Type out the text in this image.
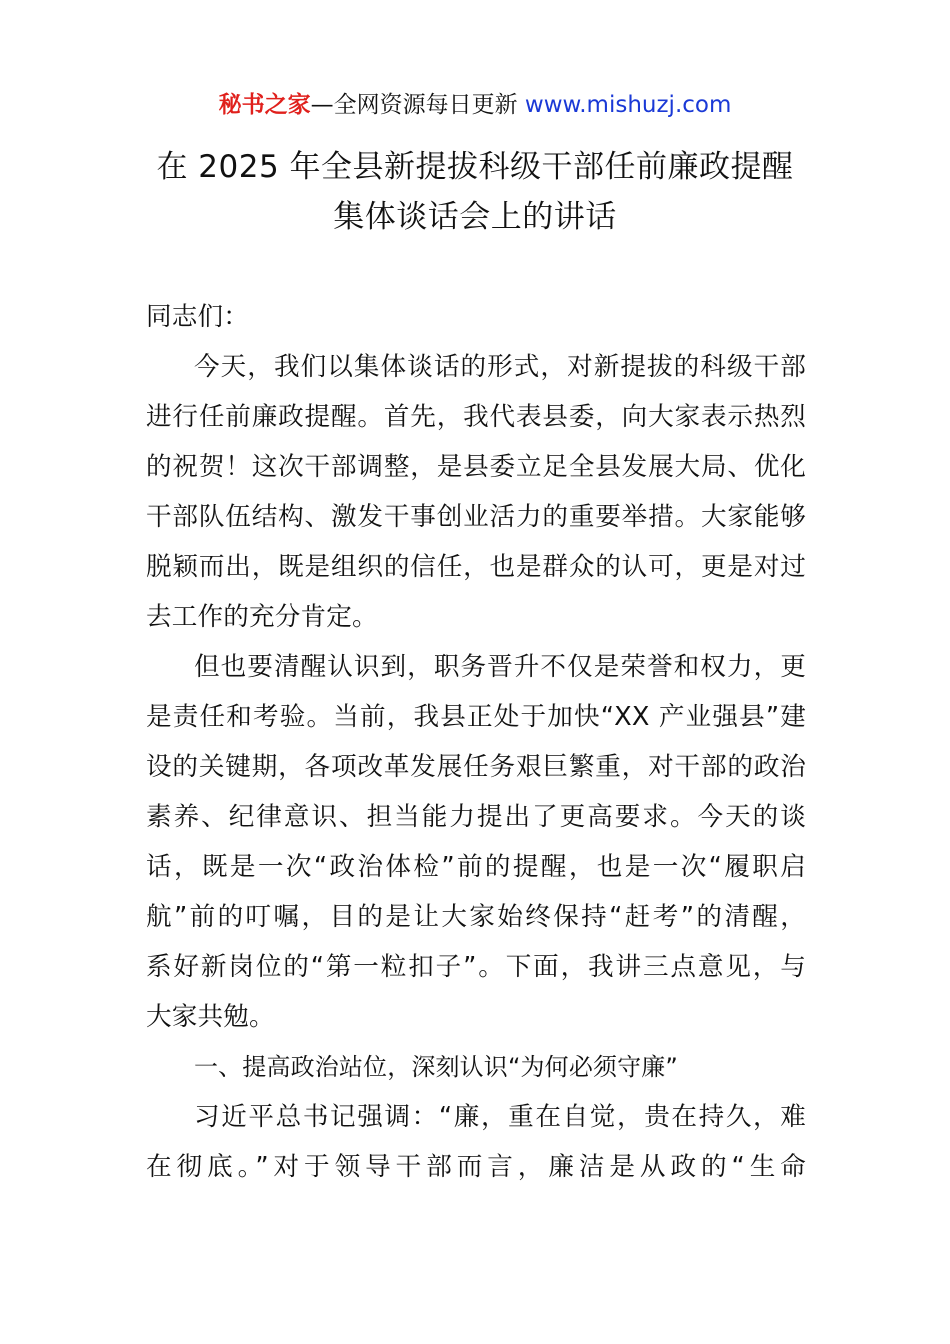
秘书之家—全网资源每日更新 www.mishuzj.com
在 2025 年全县新提拔科级干部任前廉政提醒
集体谈话会上的讲话
同志们：
今天，我们以集体谈话的形式，对新提拔的科级干部
进行任前廉政提醒。首先，我代表县委，向大家表示热烈
的祝贺！这次干部调整，是县委立足全县发展大局、优化
干部队伍结构、激发干事创业活力的重要举措。大家能够
脱颖而出，既是组织的信任，也是群众的认可，更是对过
去工作的充分肯定。
但也要清醒认识到，职务晋升不仅是荣誉和权力，更
是责任和考验。当前，我县正处于加快“XX 产业强县”建
设的关键期，各项改革发展任务艰巨繁重，对干部的政治
素养、纪律意识、担当能力提出了更高要求。今天的谈
话，既是一次“政治体检”前的提醒，也是一次“履职启
航”前的叮嘱，目的是让大家始终保持“赶考”的清醒，
系好新岗位的“第一粒扣子”。下面，我讲三点意见，与
大家共勉。
一、提高政治站位，深刻认识“为何必须守廉”
习近平总书记强调：“廉，重在自觉，贵在持久，难
在彻底。”对于领导干部而言，廉洁是从政的“生命
